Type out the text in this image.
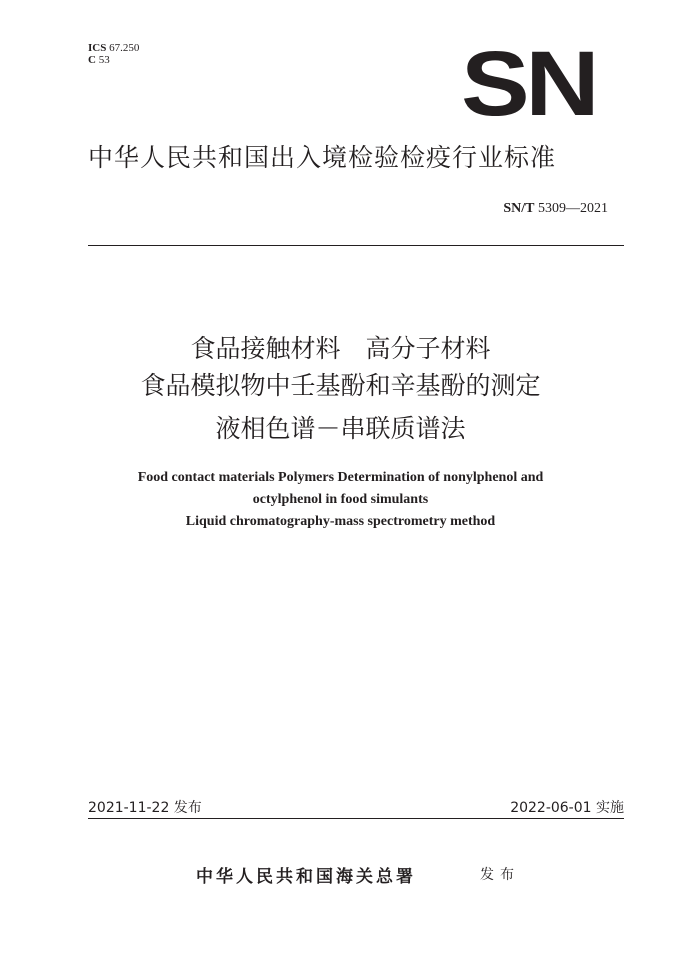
ICS 67.250
C 53	SN
中华人民共和国出入境检验检疫行业标准
SN/T 5309—2021
食品接触材料　高分子材料
食品模拟物中壬基酚和辛基酚的测定
液相色谱－串联质谱法
Food contact materials Polymers Determination of nonylphenol and
octylphenol in food simulants
Liquid chromatography-mass spectrometry method
2021-11-22 发布	2022-06-01 实施
中华人民共和国海关总署	发布
